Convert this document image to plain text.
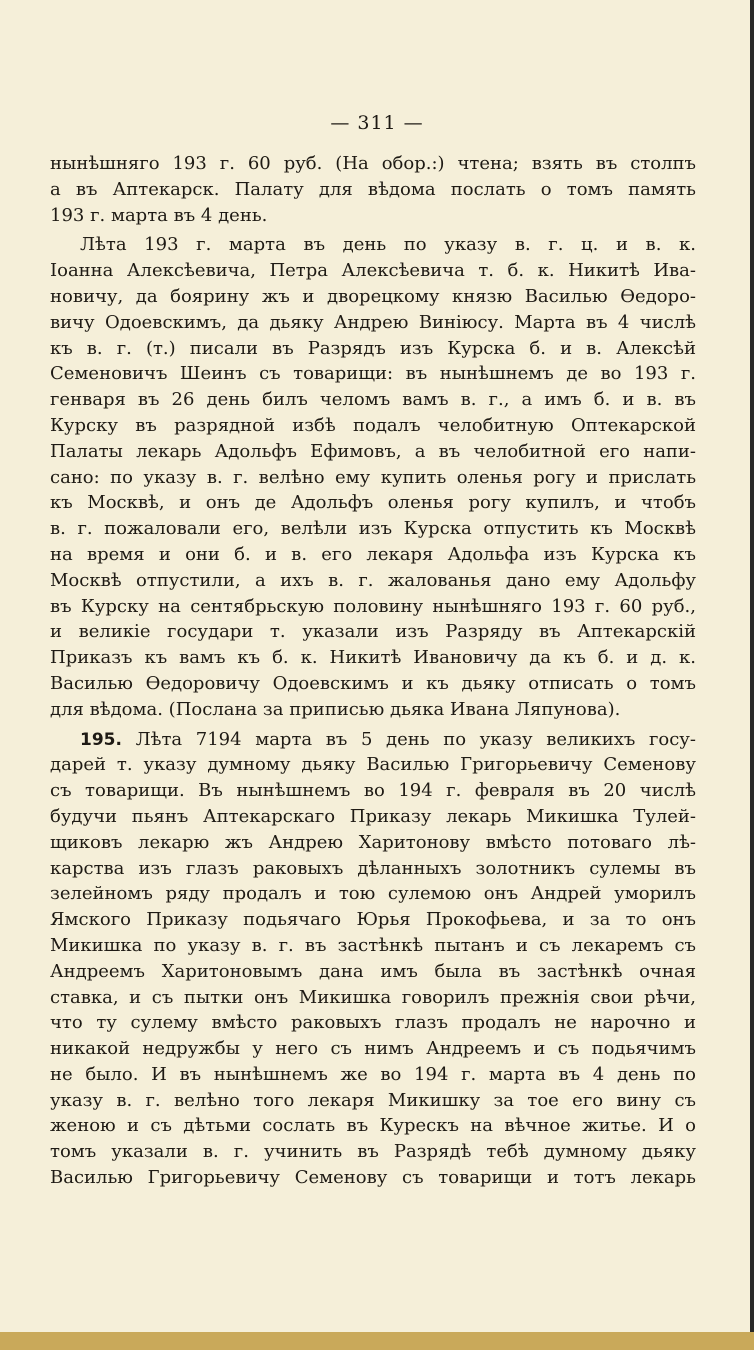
— 311 —
нынѣшняго 193 г. 60 руб. (На обор.:) чтена; взять въ столпъ
а въ Аптекарск. Палату для вѣдома послать о томъ память
193 г. марта въ 4 день.
Лѣта 193 г. марта въ день по указу в. г. ц. и в. к.
Іоанна Алексѣевича, Петра Алексѣевича т. б. к. Никитѣ Ива-
новичу, да боярину жъ и дворецкому князю Василью Ѳедоро-
вичу Одоевскимъ, да дьяку Андрею Виніюсу. Марта въ 4 числѣ
къ в. г. (т.) писали въ Разрядъ изъ Курска б. и в. Алексѣй
Семеновичъ Шеинъ съ товарищи: въ нынѣшнемъ де во 193 г.
генваря въ 26 день билъ челомъ вамъ в. г., а имъ б. и в. въ
Курску въ разрядной избѣ подалъ челобитную Оптекарской
Палаты лекарь Адольфъ Ефимовъ, а въ челобитной его напи-
сано: по указу в. г. велѣно ему купить оленья рогу и прислать
къ Москвѣ, и онъ де Адольфъ оленья рогу купилъ, и чтобъ
в. г. пожаловали его, велѣли изъ Курска отпустить къ Москвѣ
на время и они б. и в. его лекаря Адольфа изъ Курска къ
Москвѣ отпустили, а ихъ в. г. жалованья дано ему Адольфу
въ Курску на сентябрьскую половину нынѣшняго 193 г. 60 руб.,
и великіе государи т. указали изъ Разряду въ Аптекарскій
Приказъ къ вамъ къ б. к. Никитѣ Ивановичу да къ б. и д. к.
Василью Ѳедоровичу Одоевскимъ и къ дьяку отписать о томъ
для вѣдома. (Послана за приписью дьяка Ивана Ляпунова).
195. Лѣта 7194 марта въ 5 день по указу великихъ госу-
дарей т. указу думному дьяку Василью Григорьевичу Семенову
съ товарищи. Въ нынѣшнемъ во 194 г. февраля въ 20 числѣ
будучи пьянъ Аптекарскаго Приказу лекарь Микишка Тулей-
щиковъ лекарю жъ Андрею Харитонову вмѣсто потоваго лѣ-
карства изъ глазъ раковыхъ дѣланныхъ золотникъ сулемы въ
зелейномъ ряду продалъ и тою сулемою онъ Андрей уморилъ
Ямского Приказу подьячаго Юрья Прокофьева, и за то онъ
Микишка по указу в. г. въ застѣнкѣ пытанъ и съ лекаремъ съ
Андреемъ Харитоновымъ дана имъ была въ застѣнкѣ очная
ставка, и съ пытки онъ Микишка говорилъ прежнія свои рѣчи,
что ту сулему вмѣсто раковыхъ глазъ продалъ не нарочно и
никакой недружбы у него съ нимъ Андреемъ и съ подьячимъ
не было. И въ нынѣшнемъ же во 194 г. марта въ 4 день по
указу в. г. велѣно того лекаря Микишку за тое его вину съ
женою и съ дѣтьми сослать въ Курескъ на вѣчное житье. И о
томъ указали в. г. учинить въ Разрядѣ тебѣ думному дьяку
Василью Григорьевичу Семенову съ товарищи и тотъ лекарь
